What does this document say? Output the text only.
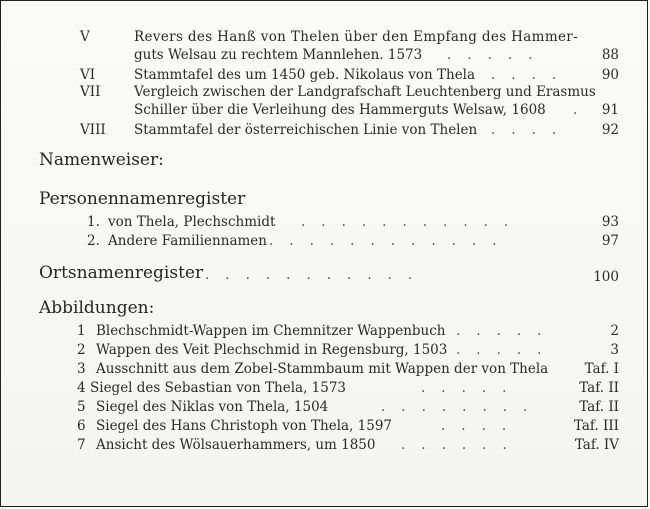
V	Revers des Hanß von Thelen über den Empfang des Hammer-
guts Welsau zu rechtem Mannlehen. 1573 .....	88
VI	Stammtafel des um 1450 geb. Nikolaus von Thela .... 90
VII Vergleich zwischen der Landgrafschaft Leuchtenberg und Erasmus
Schiller über die Verleihung des Hammerguts Welsaw, 1608 . 91
VIII Stammtafel der österreichischen Linie von Thelen .... 92
Namenweiser:
Personennamenregister
1. von Thela, Plechschmidt ...........	93
2. Andere Familiennamen ............	97
Ortsnamenregister ...........	100
Abbildungen:
1 Blechschmidt-Wappen im Chemnitzer Wappenbuch .....	2
2 Wappen des Veit Plechschmid in Regensburg, 1503 .....	3
3 Ausschnitt aus dem Zobel-Stammbaum mit Wappen der von Thela	Taf. I
4 Siegel des Sebastian von Thela, 1573	.....	Taf. II
5 Siegel des Niklas von Thela, 1504	........	Taf. II
6 Siegel des Hans Christoph von Thela, 1597	....	Taf. III
7 Ansicht des Wölsauerhammers, um 1850 ......	Taf. IV
